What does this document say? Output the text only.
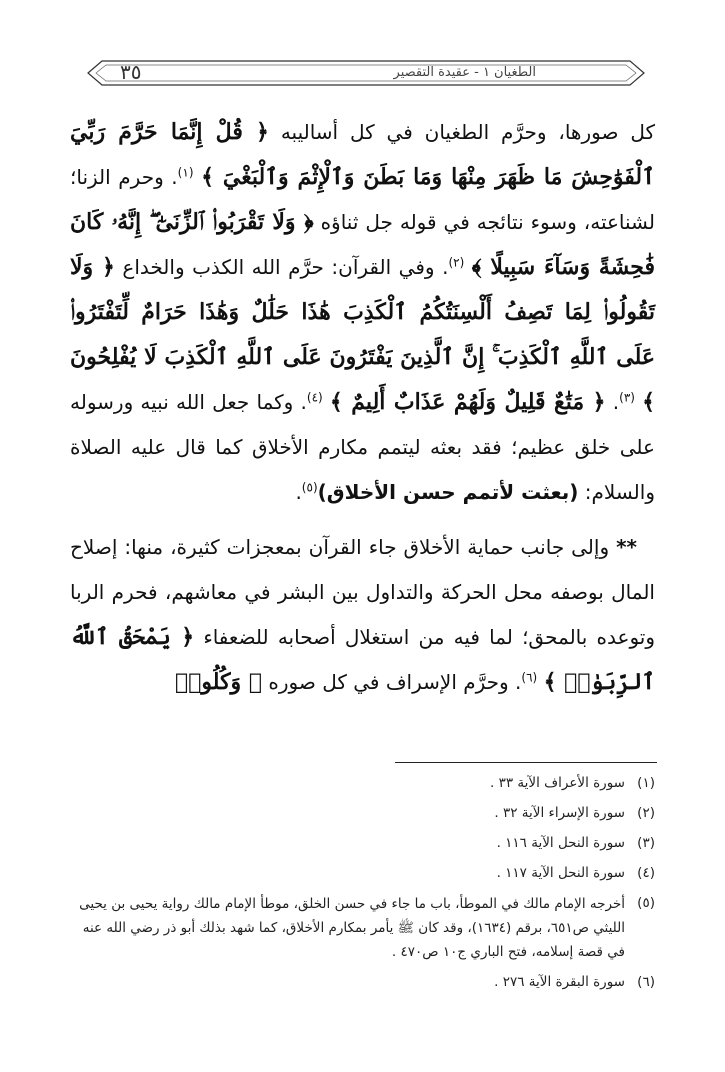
٣٥	الطغيان ١ - عقيدة التقصير

كل صورها، وحرَّم الطغيان في كل أساليبه ﴿ قُلْ إِنَّمَا حَرَّمَ رَبِّيَ ٱلْفَوَٰحِشَ مَا ظَهَرَ مِنْهَا وَمَا بَطَنَ وَٱلْإِثْمَ وَٱلْبَغْيَ ﴾ $^{(١)}$. وحرم الزنا؛ لشناعته، وسوء نتائجه في قوله جل ثناؤه ﴿ وَلَا تَقْرَبُوا۟ ٱلزِّنَىٰٓ ۖ إِنَّهُۥ كَانَ فَٰحِشَةً وَسَآءَ سَبِيلًا ﴾ $^{(٢)}$. وفي القرآن: حرَّم الله الكذب والخداع ﴿ وَلَا تَقُولُوا۟ لِمَا تَصِفُ أَلْسِنَتُكُمُ ٱلْكَذِبَ هَٰذَا حَلَٰلٌ وَهَٰذَا حَرَامٌ لِّتَفْتَرُوا۟ عَلَى ٱللَّهِ ٱلْكَذِبَ ۚ إِنَّ ٱلَّذِينَ يَفْتَرُونَ عَلَى ٱللَّهِ ٱلْكَذِبَ لَا يُفْلِحُونَ ﴾ $^{(٣)}$. ﴿ مَتَٰعٌ قَلِيلٌ وَلَهُمْ عَذَابٌ أَلِيمٌ ﴾ $^{(٤)}$. وكما جعل الله نبيه ورسوله على خلق عظيم؛ فقد بعثه ليتمم مكارم الأخلاق كما قال عليه الصلاة والسلام: (بعثت لأتمم حسن الأخلاق)$^{(٥)}$.

** وإلى جانب حماية الأخلاق جاء القرآن بمعجزات كثيرة، منها: إصلاح المال بوصفه محل الحركة والتداول بين البشر في معاشهم، فحرم الربا وتوعده بالمحق؛ لما فيه من استغلال أصحابه للضعفاء ﴿ يَمْحَقُ ٱللَّهُ ٱلرِّبَوٰا۟ ﴾ $^{(٦)}$. وحرَّم الإسراف في كل صوره ﴿ وَكُلُوا۟

(١)
سورة الأعراف الآية ٣٣ .
(٢)
سورة الإسراء الآية ٣٢ .
(٣)
سورة النحل الآية ١١٦ .
(٤)
سورة النحل الآية ١١٧ .
(٥)
أخرجه الإمام مالك في الموطأ، باب ما جاء في حسن الخلق، موطأ الإمام مالك رواية يحيى بن يحيى الليثي ص٦٥١، برقم (١٦٣٤)، وقد كان ﷺ يأمر بمكارم الأخلاق، كما شهد بذلك أبو ذر رضي الله عنه في قصة إسلامه، فتح الباري ج١٠ ص٤٧٠ .
(٦)
سورة البقرة الآية ٢٧٦ .
